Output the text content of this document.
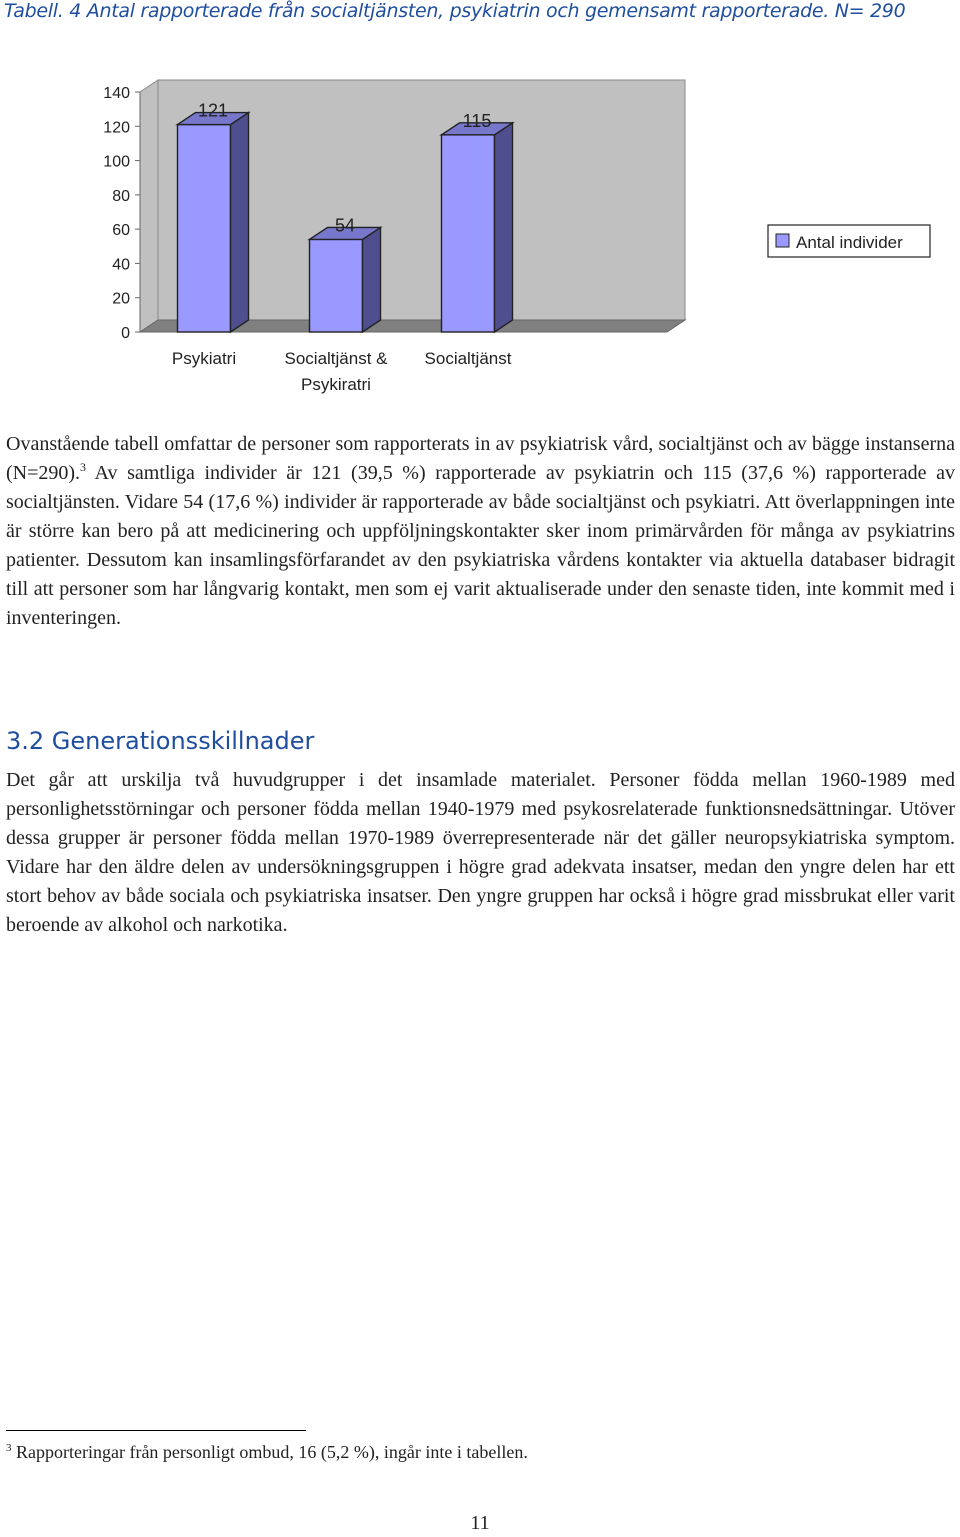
Tabell. 4 Antal rapporterade från socialtjänsten, psykiatrin och gemensamt rapporterade. N= 290
0
20
40
60
80
100
120
140
121
Psykiatri
54
Socialtjänst &
Psykiratri
115
Socialtjänst
Antal individer

Ovanstående tabell omfattar de personer som rapporterats in av psykiatrisk vård, socialtjänst och av bägge instanserna (N=290).$^3$ Av samtliga individer är 121 (39,5 %) rapporterade av psykiatrin och 115 (37,6 %) rapporterade av socialtjänsten. Vidare 54 (17,6 %) individer är rapporterade av både socialtjänst och psykiatri. Att överlappningen inte är större kan bero på att medicinering och uppföljningskontakter sker inom primärvården för många av psykiatrins patienter. Dessutom kan insamlingsförfarandet av den psykiatriska vårdens kontakter via aktuella databaser bidragit till att personer som har långvarig kontakt, men som ej varit aktualiserade under den senaste tiden, inte kommit med i inventeringen.

3.2 Generationsskillnader

Det går att urskilja två huvudgrupper i det insamlade materialet. Personer födda mellan 1960-1989 med personlighetsstörningar och personer födda mellan 1940-1979 med psykosrelaterade funktionsnedsättningar. Utöver dessa grupper är personer födda mellan 1970-1989 överrepresenterade när det gäller neuropsykiatriska symptom. Vidare har den äldre delen av undersökningsgruppen i högre grad adekvata insatser, medan den yngre delen har ett stort behov av både sociala och psykiatriska insatser. Den yngre gruppen har också i högre grad missbrukat eller varit beroende av alkohol och narkotika.

$^3$ Rapporteringar från personligt ombud, 16 (5,2 %), ingår inte i tabellen.
11
